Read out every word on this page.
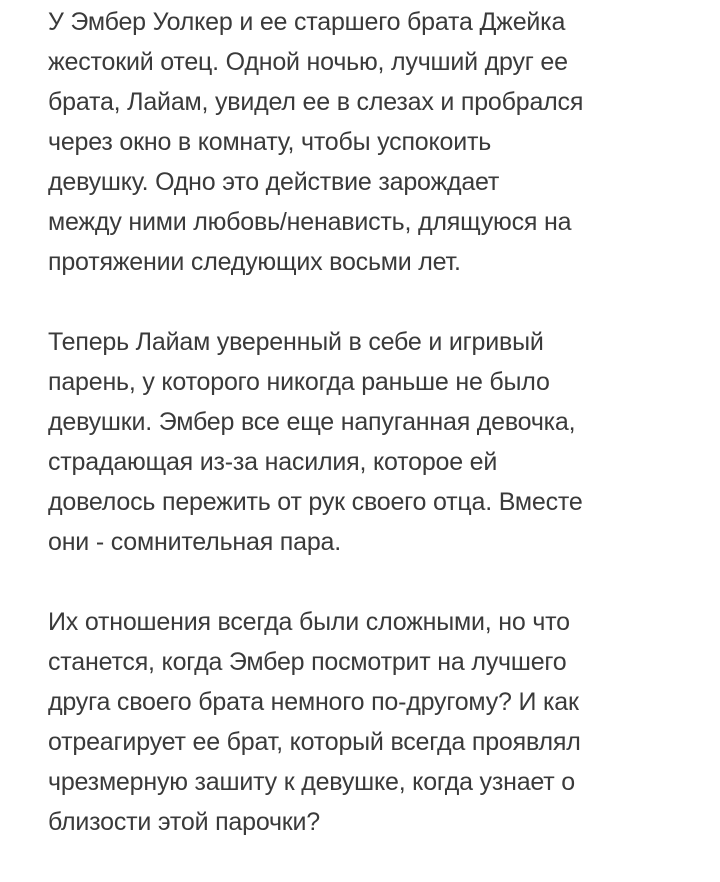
У Эмбер Уолкер и ее старшего брата Джейка
жестокий отец. Одной ночью, лучший друг ее
брата, Лайам, увидел ее в слезах и пробрался
через окно в комнату, чтобы успокоить
девушку. Одно это действие зарождает
между ними любовь/ненависть, длящуюся на
протяжении следующих восьми лет.

Теперь Лайам уверенный в себе и игривый
парень, у которого никогда раньше не было
девушки. Эмбер все еще напуганная девочка,
страдающая из-за насилия, которое ей
довелось пережить от рук своего отца. Вместе
они - сомнительная пара.

Их отношения всегда были сложными, но что
станется, когда Эмбер посмотрит на лучшего
друга своего брата немного по-другому? И как
отреагирует ее брат, который всегда проявлял
чрезмерную зашиту к девушке, когда узнает о
близости этой парочки?
